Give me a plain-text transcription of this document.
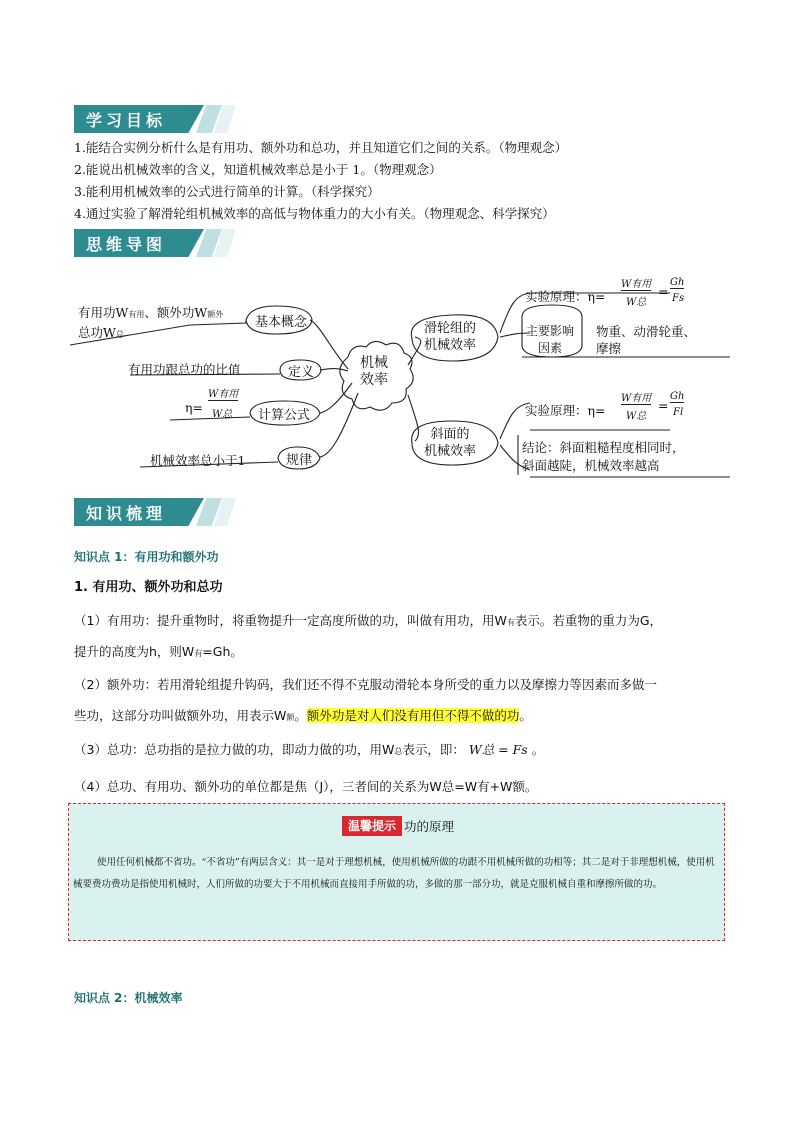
学习目标
1.能结合实例分析什么是有用功、额外功和总功，并且知道它们之间的关系。（物理观念）
2.能说出机械效率的含义，知道机械效率总是小于 1。（物理观念）
3.能利用机械效率的公式进行简单的计算。（科学探究）
4.通过实验了解滑轮组机械效率的高低与物体重力的大小有关。（物理观念、科学探究）
思维导图
机械
效率
基本概念
定义
计算公式
规律
有用功W有用、额外功W额外
总功W总
有用功跟总功的比值
η=
W有用
W总
机械效率总小于1
滑轮组的
机械效率
斜面的
机械效率
实验原理：η=
W有用
W总
=
Gh
Fs
主要影响
因素
物重、动滑轮重、
摩擦
实验原理：η=
W有用
W总
=
Gh
Fl
结论：斜面粗糙程度相同时，
斜面越陡，机械效率越高
知识梳理
知识点 1：有用功和额外功
1. 有用功、额外功和总功
（1）有用功：提升重物时，将重物提升一定高度所做的功，叫做有用功，用W有表示。若重物的重力为G，
提升的高度为h，则W有=Gh。
（2）额外功：若用滑轮组提升钩码，我们还不得不克服动滑轮本身所受的重力以及摩擦力等因素而多做一
些功，这部分功叫做额外功，用表示W额。额外功是对人们没有用但不得不做的功。
（3）总功：总功指的是拉力做的功，即动力做的功，用W总表示，即： W总 = Fs 。
（4）总功、有用功、额外功的单位都是焦（J），三者间的关系为W总=W有+W额。
温馨提示 功的原理
使用任何机械都不省功。“不省功”有两层含义：其一是对于理想机械，使用机械所做的功跟不用机械所做的功相等；其二是对于非理想机械，使用机械要费功费功是指使用机械时，人们所做的功要大于不用机械而直接用手所做的功，多做的那一部分功，就是克服机械自重和摩擦所做的功。
知识点 2：机械效率
